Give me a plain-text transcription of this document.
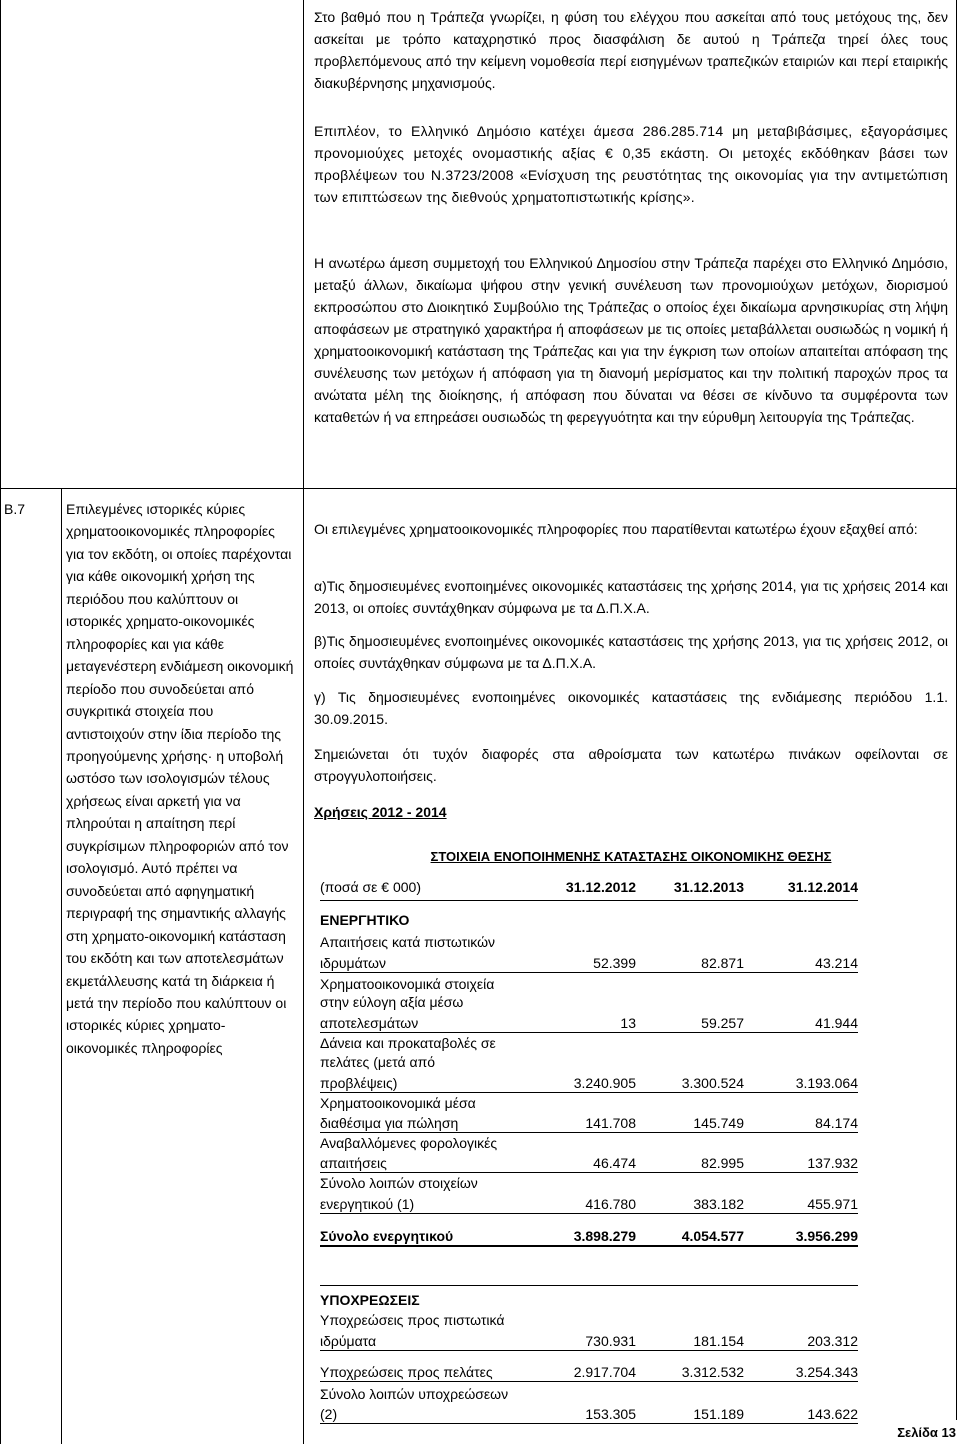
Στο βαθμό που η Τράπεζα γνωρίζει, η φύση του ελέγχου που ασκείται από τους μετόχους της, δεν ασκείται με τρόπο καταχρηστικό προς διασφάλιση δε αυτού η Τράπεζα τηρεί όλες τους προβλεπόμενους από την κείμενη νομοθεσία περί εισηγμένων τραπεζικών εταιριών και περί εταιρικής διακυβέρνησης μηχανισμούς.

Επιπλέον, το Ελληνικό Δημόσιο κατέχει άμεσα 286.285.714 μη μεταβιβάσιμες, εξαγοράσιμες προνομιούχες μετοχές ονομαστικής αξίας € 0,35 εκάστη. Οι μετοχές εκδόθηκαν βάσει των προβλέψεων του Ν.3723/2008 «Ενίσχυση της ρευστότητας της οικονομίας για την αντιμετώπιση των επιπτώσεων της διεθνούς χρηματοπιστωτικής κρίσης».

Η ανωτέρω άμεση συμμετοχή του Ελληνικού Δημοσίου στην Τράπεζα παρέχει στο Ελληνικό Δημόσιο, μεταξύ άλλων, δικαίωμα ψήφου στην γενική συνέλευση των προνομιούχων μετόχων, διορισμού εκπροσώπου στο Διοικητικό Συμβούλιο της Τράπεζας ο οποίος έχει δικαίωμα αρνησικυρίας στη λήψη αποφάσεων με στρατηγικό χαρακτήρα ή αποφάσεων με τις οποίες μεταβάλλεται ουσιωδώς η νομική ή χρηματοοικονομική κατάσταση της Τράπεζας και για την έγκριση των οποίων απαιτείται απόφαση της συνέλευσης των μετόχων ή απόφαση για τη διανομή μερίσματος και την πολιτική παροχών προς τα ανώτατα μέλη της διοίκησης, ή απόφαση που δύναται να θέσει σε κίνδυνο τα συμφέροντα των καταθετών ή να επηρεάσει ουσιωδώς τη φερεγγυότητα και την εύρυθμη λειτουργία της Τράπεζας.

Β.7	Επιλεγμένες ιστορικές κύριες χρηματοοικονομικές πληροφορίες για τον εκδότη, οι οποίες παρέχονται για κάθε οικονομική χρήση της περιόδου που καλύπτουν οι ιστορικές χρηματο-οικονομικές πληροφορίες και για κάθε μεταγενέστερη ενδιάμεση οικονομική περίοδο που συνοδεύεται από συγκριτικά στοιχεία που αντιστοιχούν στην ίδια περίοδο της προηγούμενης χρήσης· η υποβολή ωστόσο των ισολογισμών τέλους χρήσεως είναι αρκετή για να πληρούται η απαίτηση περί συγκρίσιμων πληροφοριών από τον ισολογισμό. Αυτό πρέπει να συνοδεύεται από αφηγηματική περιγραφή της σημαντικής αλλαγής στη χρηματο-οικονομική κατάσταση του εκδότη και των αποτελεσμάτων εκμετάλλευσης κατά τη διάρκεια ή μετά την περίοδο που καλύπτουν οι ιστορικές κύριες χρηματο-οικονομικές πληροφορίες

Οι επιλεγμένες χρηματοοικονομικές πληροφορίες που παρατίθενται κατωτέρω έχουν εξαχθεί από:

α)Τις δημοσιευμένες ενοποιημένες οικονομικές καταστάσεις της χρήσης 2014, για τις χρήσεις 2014 και 2013, οι οποίες συντάχθηκαν σύμφωνα με τα Δ.Π.Χ.Α.

β)Τις δημοσιευμένες ενοποιημένες οικονομικές καταστάσεις της χρήσης 2013, για τις χρήσεις 2012, οι οποίες συντάχθηκαν σύμφωνα με τα Δ.Π.Χ.Α.

γ) Τις δημοσιευμένες ενοποιημένες οικονομικές καταστάσεις της ενδιάμεσης περιόδου 1.1. 30.09.2015.

Σημειώνεται ότι τυχόν διαφορές στα αθροίσματα των κατωτέρω πινάκων οφείλονται σε στρογγυλοποιήσεις.

Χρήσεις 2012 - 2014
ΣΤΟΙΧΕΙΑ ΕΝΟΠΟΙΗΜΕΝΗΣ ΚΑΤΑΣΤΑΣΗΣ ΟΙΚΟΝΟΜΙΚΗΣ ΘΕΣΗΣ
(ποσά σε € 000)	31.12.2012	31.12.2013	31.12.2014
ΕΝΕΡΓΗΤΙΚΟ
Απαιτήσεις κατά πιστωτικών
ιδρυμάτων	52.399	82.871	43.214
Χρηματοοικονομικά στοιχεία
στην εύλογη αξία μέσω
αποτελεσμάτων	13	59.257	41.944
Δάνεια και προκαταβολές σε
πελάτες (μετά από
προβλέψεις)	3.240.905	3.300.524	3.193.064
Χρηματοοικονομικά μέσα
διαθέσιμα για πώληση	141.708	145.749	84.174
Αναβαλλόμενες φορολογικές
απαιτήσεις	46.474	82.995	137.932
Σύνολο λοιπών στοιχείων
ενεργητικού (1)	416.780	383.182	455.971
Σύνολο ενεργητικού	3.898.279	4.054.577	3.956.299
ΥΠΟΧΡΕΩΣΕΙΣ
Υποχρεώσεις προς πιστωτικά
ιδρύματα	730.931	181.154	203.312
Υποχρεώσεις προς πελάτες	2.917.704	3.312.532	3.254.343
Σύνολο λοιπών υποχρεώσεων
(2)	153.305	151.189	143.622
Σελίδα 13
